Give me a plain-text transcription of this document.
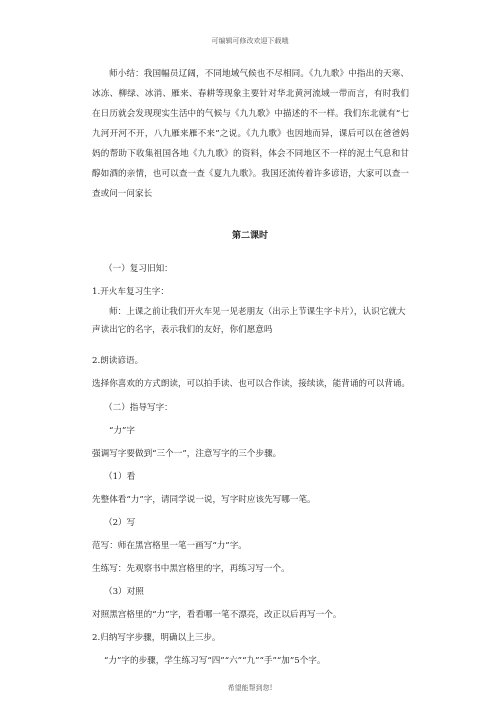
可编辑可修改欢迎下载哦
师小结：我国幅员辽阔，不同地域气候也不尽相同。《九九歌》中指出的天寒、冰冻、柳绿、冰消、雁来、春耕等现象主要针对华北黄河流域一带而言，有时我们在日历就会发现现实生活中的气候与《九九歌》中描述的不一样。我们东北就有“七九河开河不开，八九雁来雁不来”之说。《九九歌》也因地而异，课后可以在爸爸妈妈的帮助下收集祖国各地《九九歌》的资料，体会不同地区不一样的泥土气息和甘醇如酒的亲情，也可以查一查《夏九九歌》。我国还流传着许多谚语，大家可以查一查或问一问家长
第二课时
（一）复习旧知：
1.开火车复习生字：
师：上课之前让我们开火车见一见老朋友（出示上节课生字卡片），认识它就大声读出它的名字，表示我们的友好，你们愿意吗
2.朗读谚语。
选择你喜欢的方式朗读，可以拍手读、也可以合作读，接续读，能背诵的可以背诵。
（二）指导写字：
“力”字
强调写字要做到“三个一”，注意写字的三个步骤。
（1）看
先整体看“力”字，请同学说一说，写字时应该先写哪一笔。
（2）写
范写：师在黑宫格里一笔一画写“力”字。
生练写：先观察书中黑宫格里的字，再练习写一个。
（3）对照
对照黑宫格里的“力”字，看看哪一笔不漂亮，改正以后再写一个。
2.归纳写字步骤，明确以上三步。
“力”字的步骤，学生练习写“四”“六”“九”“手”“加”5个字。
希望能帮到您!
